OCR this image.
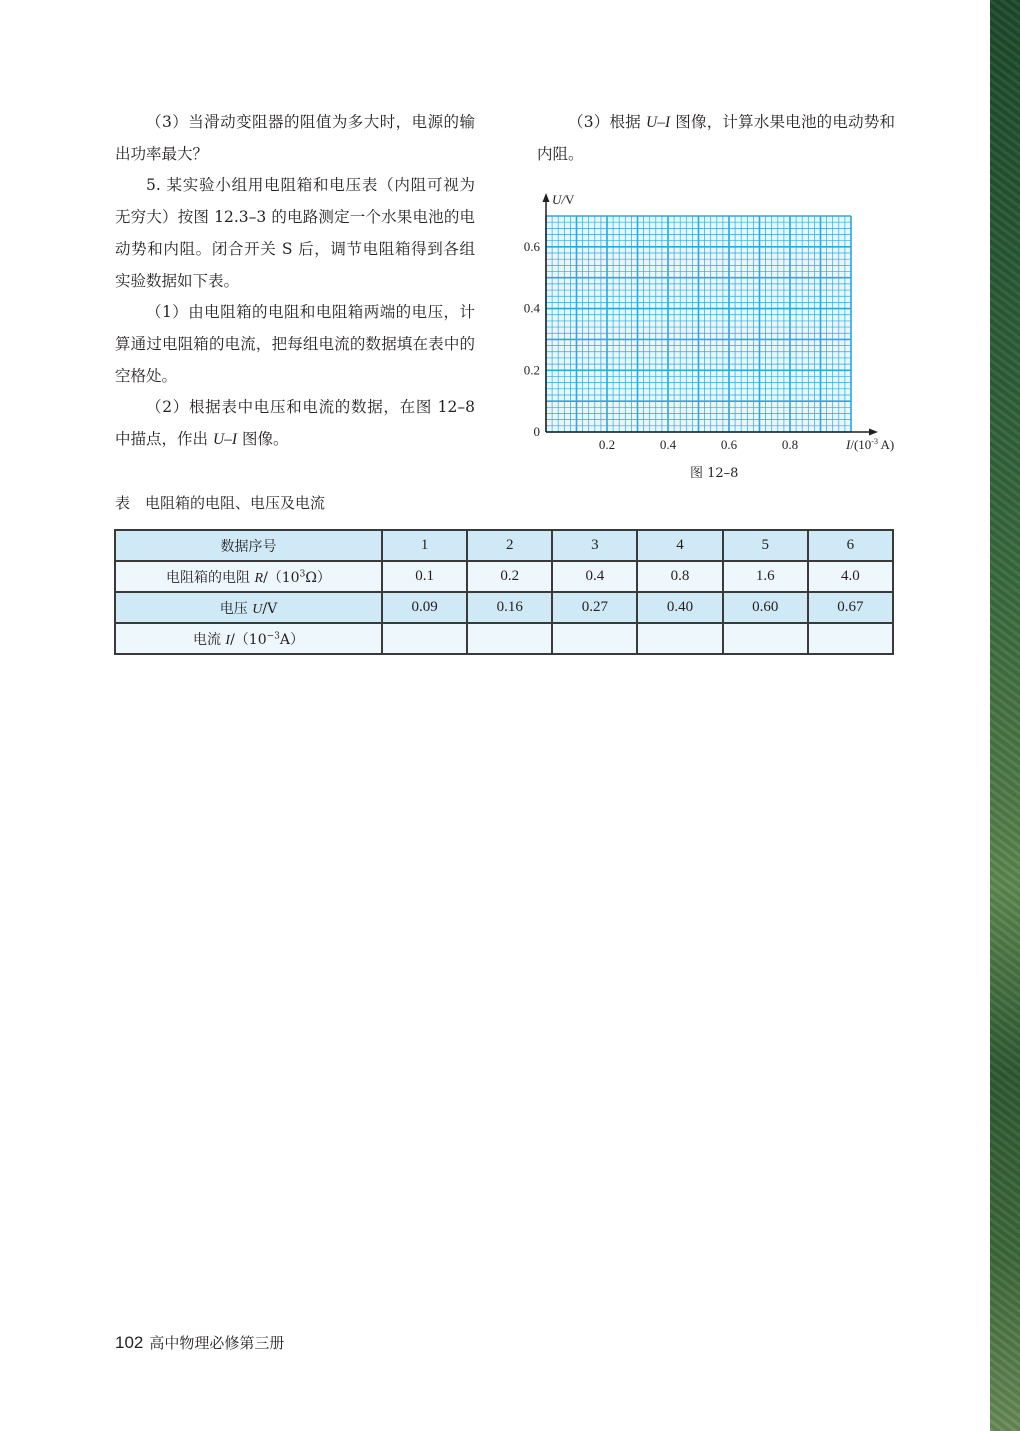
（3）当滑动变阻器的阻值为多大时，电源的输出功率最大？

5. 某实验小组用电阻箱和电压表（内阻可视为无穷大）按图 12.3–3 的电路测定一个水果电池的电动势和内阻。闭合开关 S 后，调节电阻箱得到各组实验数据如下表。

（1）由电阻箱的电阻和电阻箱两端的电压，计算通过电阻箱的电流，把每组电流的数据填在表中的空格处。

（2）根据表中电压和电流的数据，在图 12–8 中描点，作出 U–I 图像。

（3）根据 U–I 图像，计算水果电池的电动势和内阻。

0.2	0.4	0.6	0.8
0
0.2
0.4
0.6
$I/(10^{-3}$ A)
U/V
图 12–8
表　电阻箱的电阻、电压及电流
数据序号	1	2	3	4	5	6
电阻箱的电阻 $R/(10^3\Omega)$	0.1	0.2	0.4	0.8	1.6	4.0
电压 U/V	0.09	0.16	0.27	0.40	0.60	0.67
电流 $I/(10^{-3}A)$						
102 高中物理必修第三册
